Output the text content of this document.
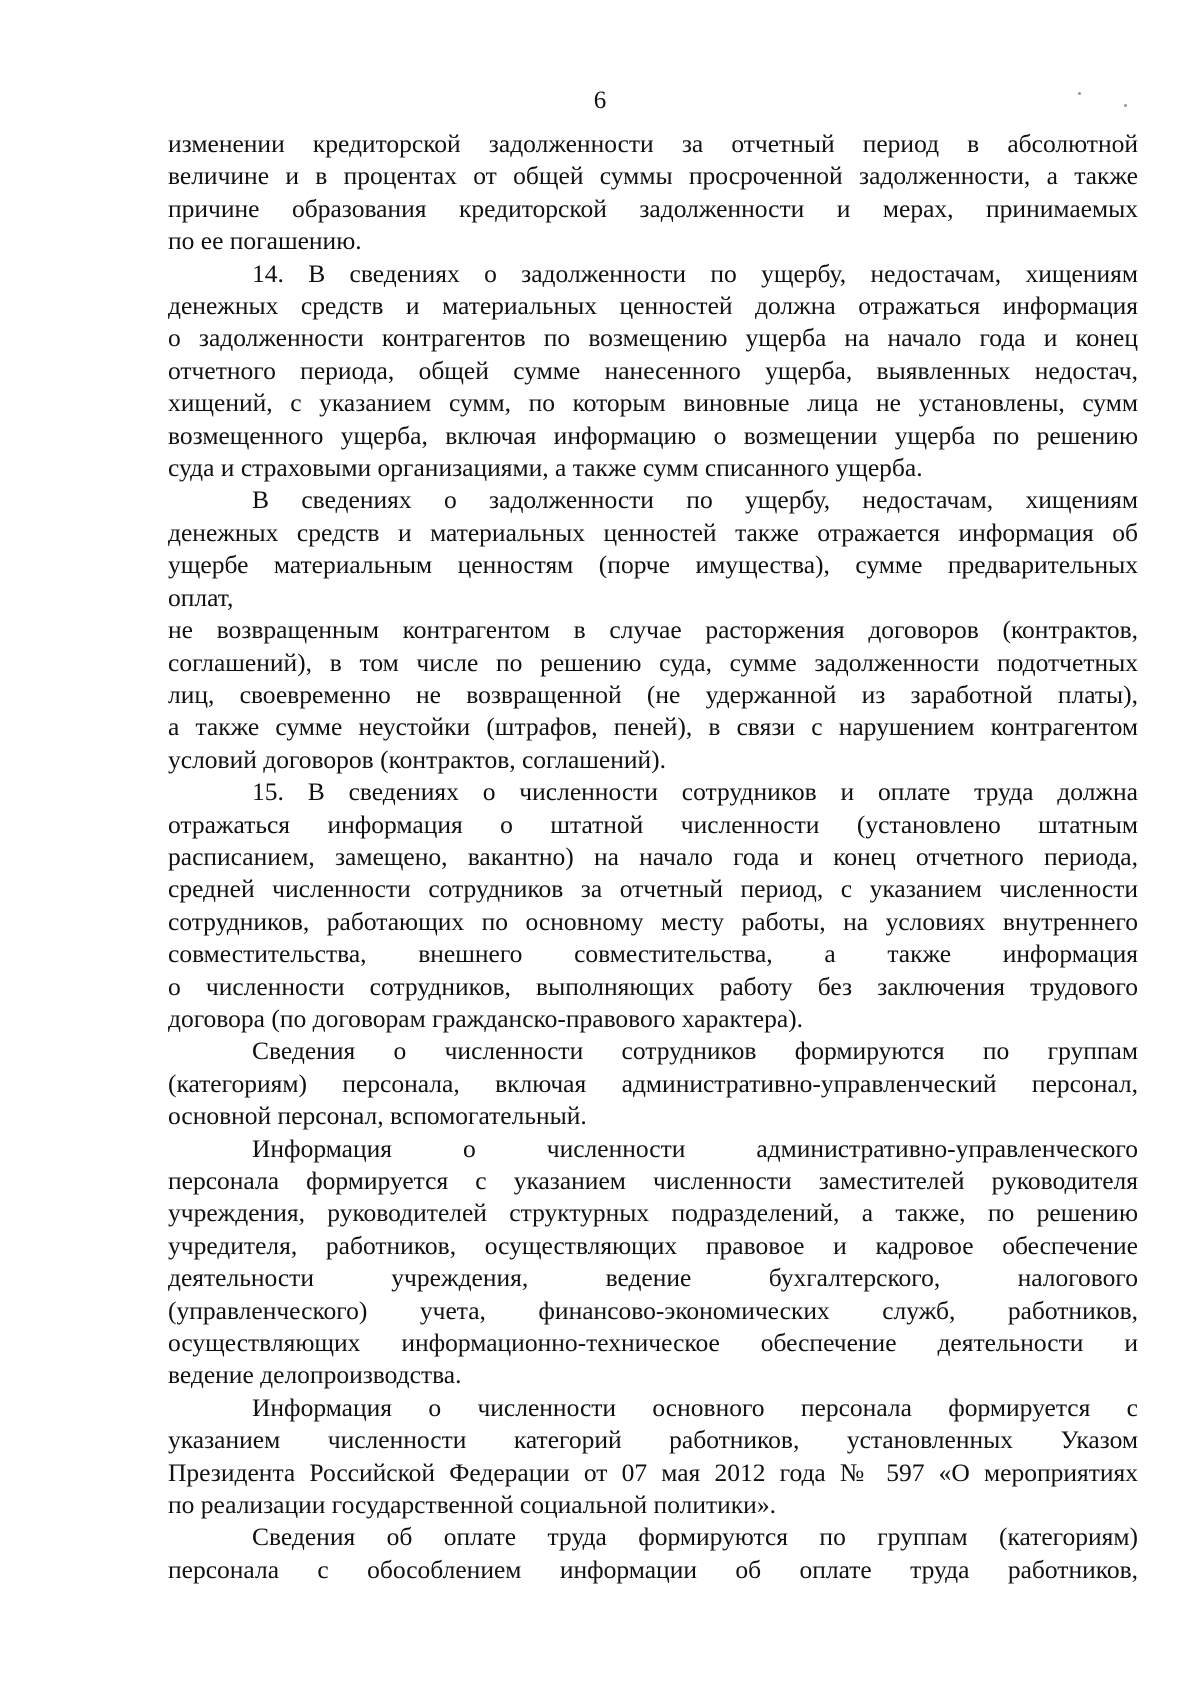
6

изменении кредиторской задолженности за отчетный период в абсолютной

величине и в процентах от общей суммы просроченной задолженности, а также

причине образования кредиторской задолженности и мерах, принимаемых

по ее погашению.

14. В сведениях о задолженности по ущербу, недостачам, хищениям

денежных средств и материальных ценностей должна отражаться информация

о задолженности контрагентов по возмещению ущерба на начало года и конец

отчетного периода, общей сумме нанесенного ущерба, выявленных недостач,

хищений, с указанием сумм, по которым виновные лица не установлены, сумм

возмещенного ущерба, включая информацию о возмещении ущерба по решению

суда и страховыми организациями, а также сумм списанного ущерба.

В сведениях о задолженности по ущербу, недостачам, хищениям

денежных средств и материальных ценностей также отражается информация об

ущербе материальным ценностям (порче имущества), сумме предварительных

оплат,

не возвращенным контрагентом в случае расторжения договоров (контрактов,

соглашений), в том числе по решению суда, сумме задолженности подотчетных

лиц, своевременно не возвращенной (не удержанной из заработной платы),

а также сумме неустойки (штрафов, пеней), в связи с нарушением контрагентом

условий договоров (контрактов, соглашений).

15. В сведениях о численности сотрудников и оплате труда должна

отражаться информация о штатной численности (установлено штатным

расписанием, замещено, вакантно) на начало года и конец отчетного периода,

средней численности сотрудников за отчетный период, с указанием численности

сотрудников, работающих по основному месту работы, на условиях внутреннего

совместительства, внешнего совместительства, а также информация

о численности сотрудников, выполняющих работу без заключения трудового

договора (по договорам гражданско-правового характера).

Сведения о численности сотрудников формируются по группам

(категориям) персонала, включая административно-управленческий персонал,

основной персонал, вспомогательный.

Информация о численности административно-управленческого

персонала формируется с указанием численности заместителей руководителя

учреждения, руководителей структурных подразделений, а также, по решению

учредителя, работников, осуществляющих правовое и кадровое обеспечение

деятельности учреждения, ведение бухгалтерского, налогового

(управленческого) учета, финансово-экономических служб, работников,

осуществляющих информационно-техническое обеспечение деятельности и

ведение делопроизводства.

Информация о численности основного персонала формируется с

указанием численности категорий работников, установленных Указом

Президента Российской Федерации от 07 мая 2012 года № 597 «О мероприятиях

по реализации государственной социальной политики».

Сведения об оплате труда формируются по группам (категориям)

персонала с обособлением информации об оплате труда работников,
